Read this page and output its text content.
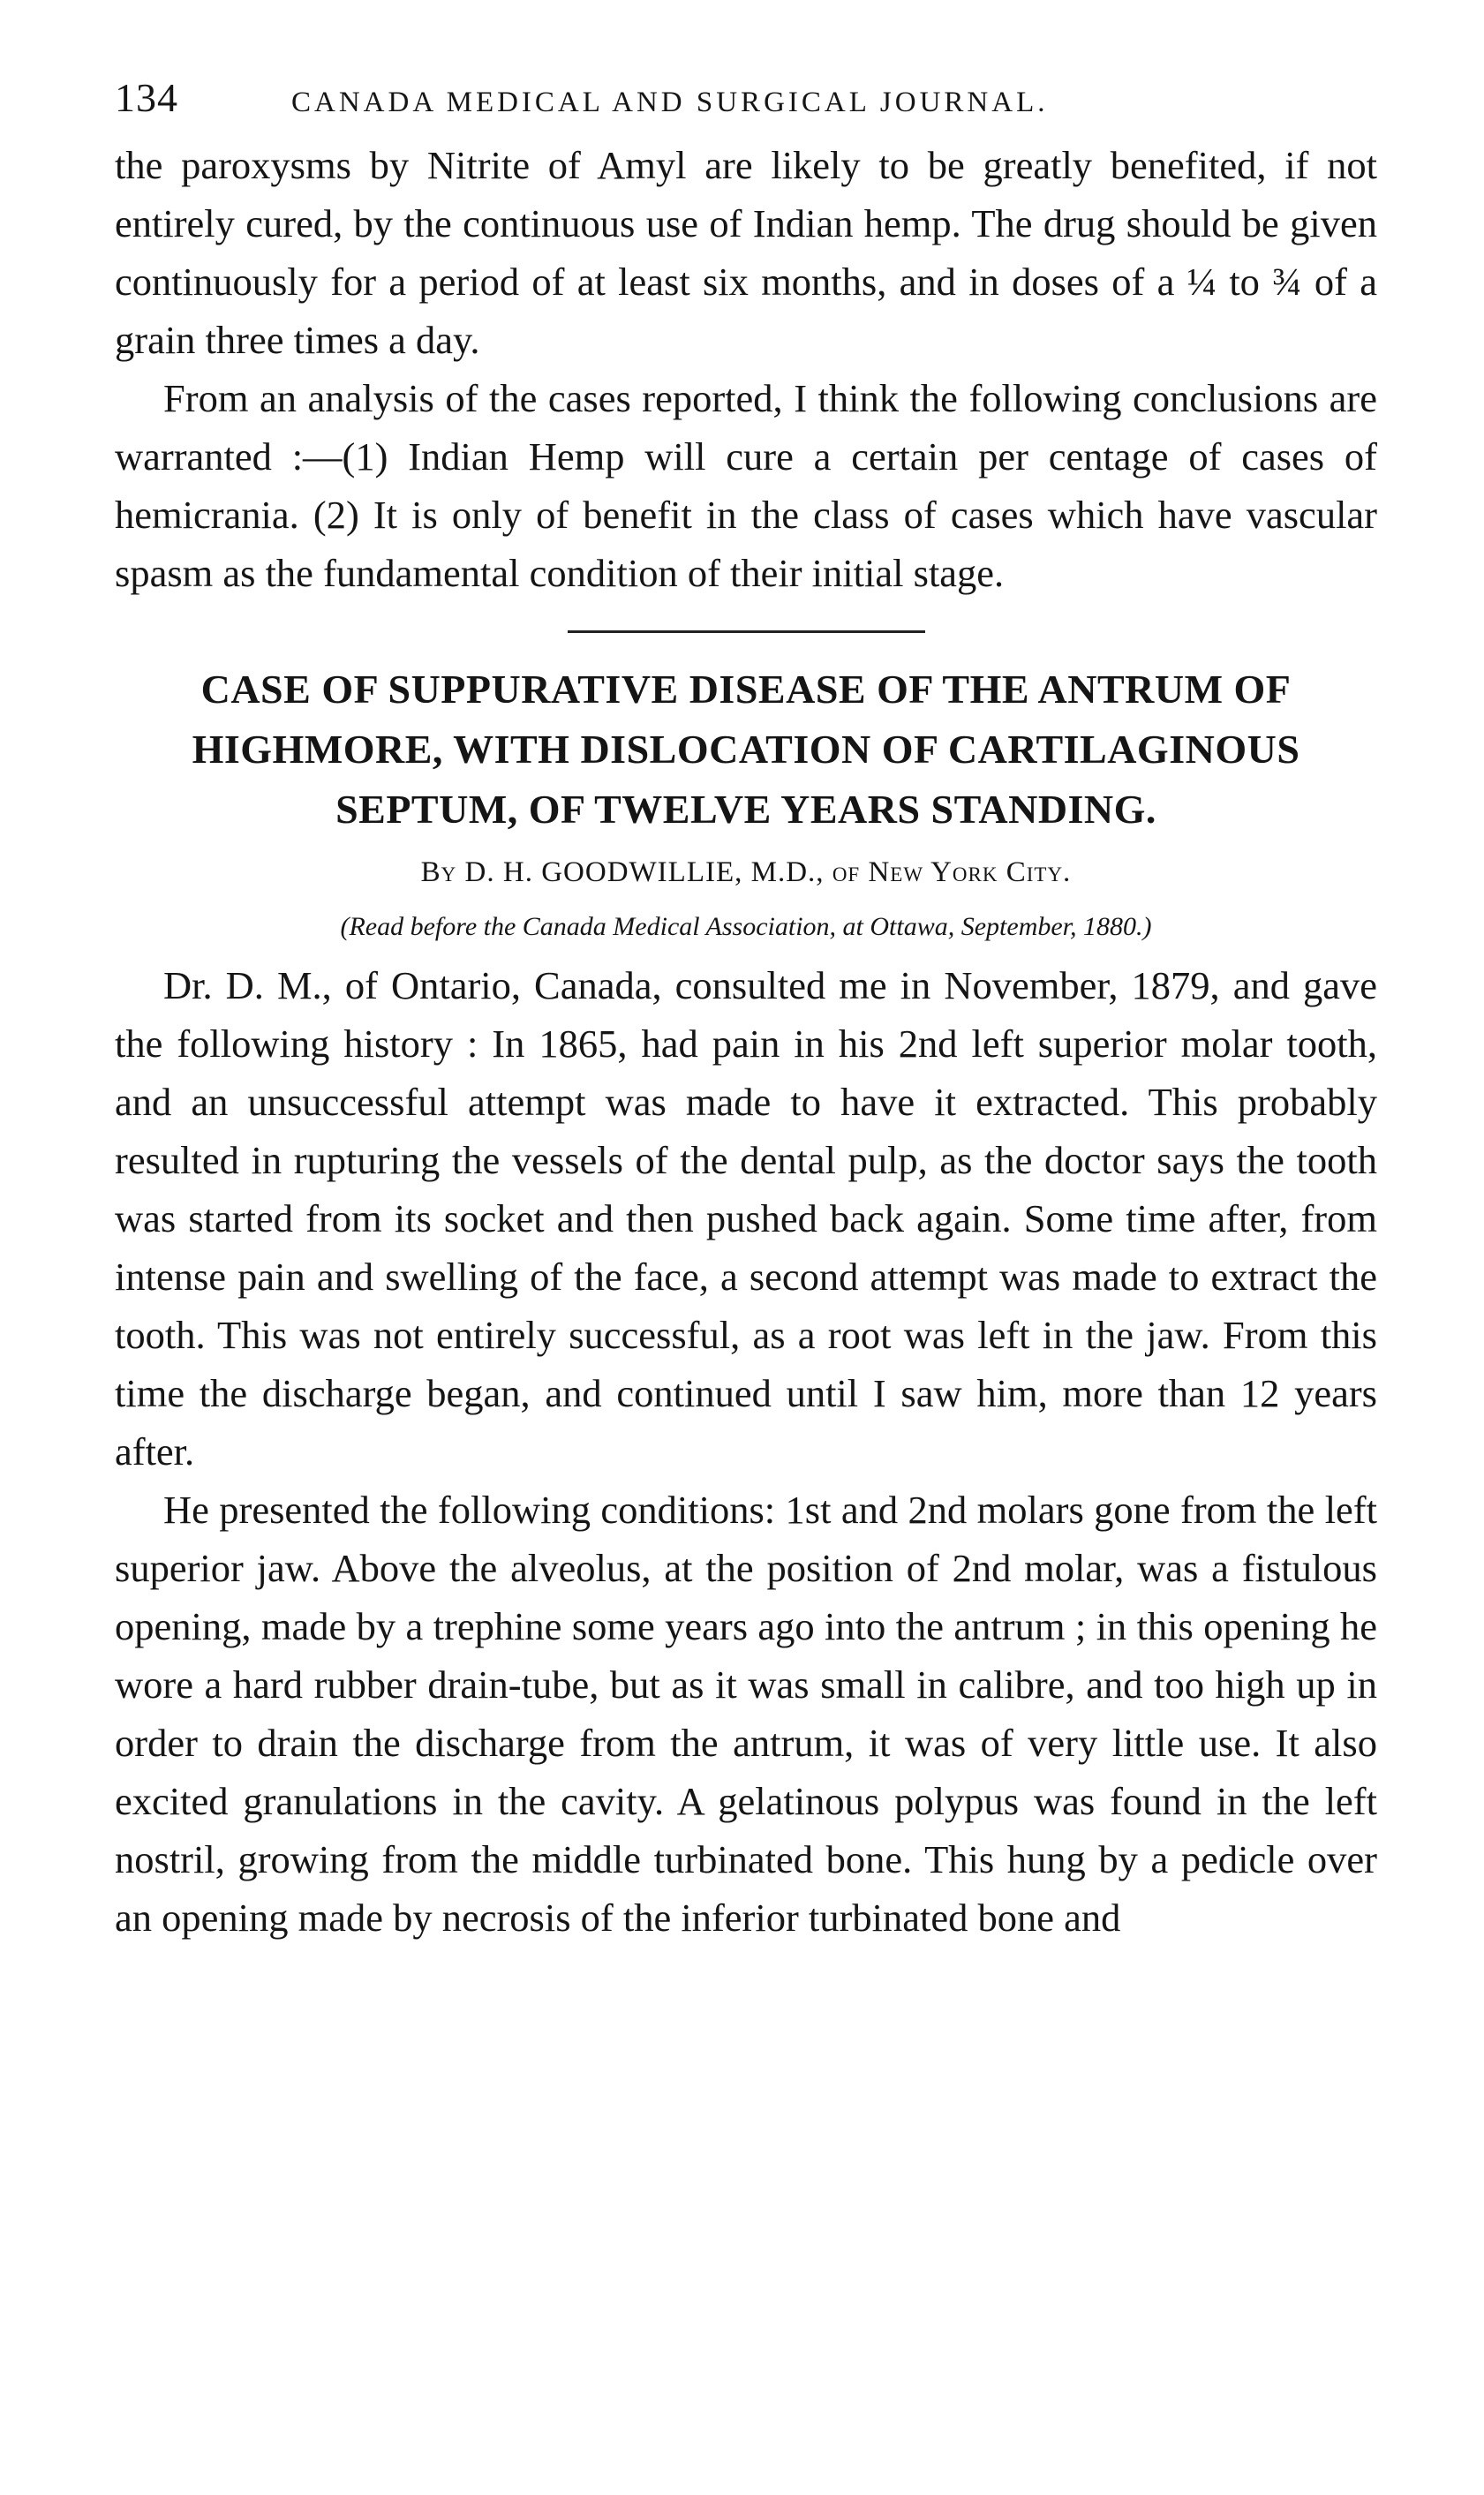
134	CANADA MEDICAL AND SURGICAL JOURNAL.

the paroxysms by Nitrite of Amyl are likely to be greatly benefited, if not entirely cured, by the continuous use of Indian hemp. The drug should be given continuously for a period of at least six months, and in doses of a ¼ to ¾ of a grain three times a day.

From an analysis of the cases reported, I think the following conclusions are warranted :—(1) Indian Hemp will cure a certain per centage of cases of hemicrania. (2) It is only of benefit in the class of cases which have vascular spasm as the fundamental condition of their initial stage.

CASE OF SUPPURATIVE DISEASE OF THE ANTRUM OF HIGHMORE, WITH DISLOCATION OF CARTILAGINOUS SEPTUM, OF TWELVE YEARS STANDING.

By D. H. GOODWILLIE, M.D., of New York City.

(Read before the Canada Medical Association, at Ottawa, September, 1880.)

Dr. D. M., of Ontario, Canada, consulted me in November, 1879, and gave the following history : In 1865, had pain in his 2nd left superior molar tooth, and an unsuccessful attempt was made to have it extracted. This probably resulted in rupturing the vessels of the dental pulp, as the doctor says the tooth was started from its socket and then pushed back again. Some time after, from intense pain and swelling of the face, a second attempt was made to extract the tooth. This was not entirely successful, as a root was left in the jaw. From this time the discharge began, and continued until I saw him, more than 12 years after.

He presented the following conditions: 1st and 2nd molars gone from the left superior jaw. Above the alveolus, at the position of 2nd molar, was a fistulous opening, made by a trephine some years ago into the antrum ; in this opening he wore a hard rubber drain-tube, but as it was small in calibre, and too high up in order to drain the discharge from the antrum, it was of very little use. It also excited granulations in the cavity. A gelatinous polypus was found in the left nostril, growing from the middle turbinated bone. This hung by a pedicle over an opening made by necrosis of the inferior turbinated bone and
